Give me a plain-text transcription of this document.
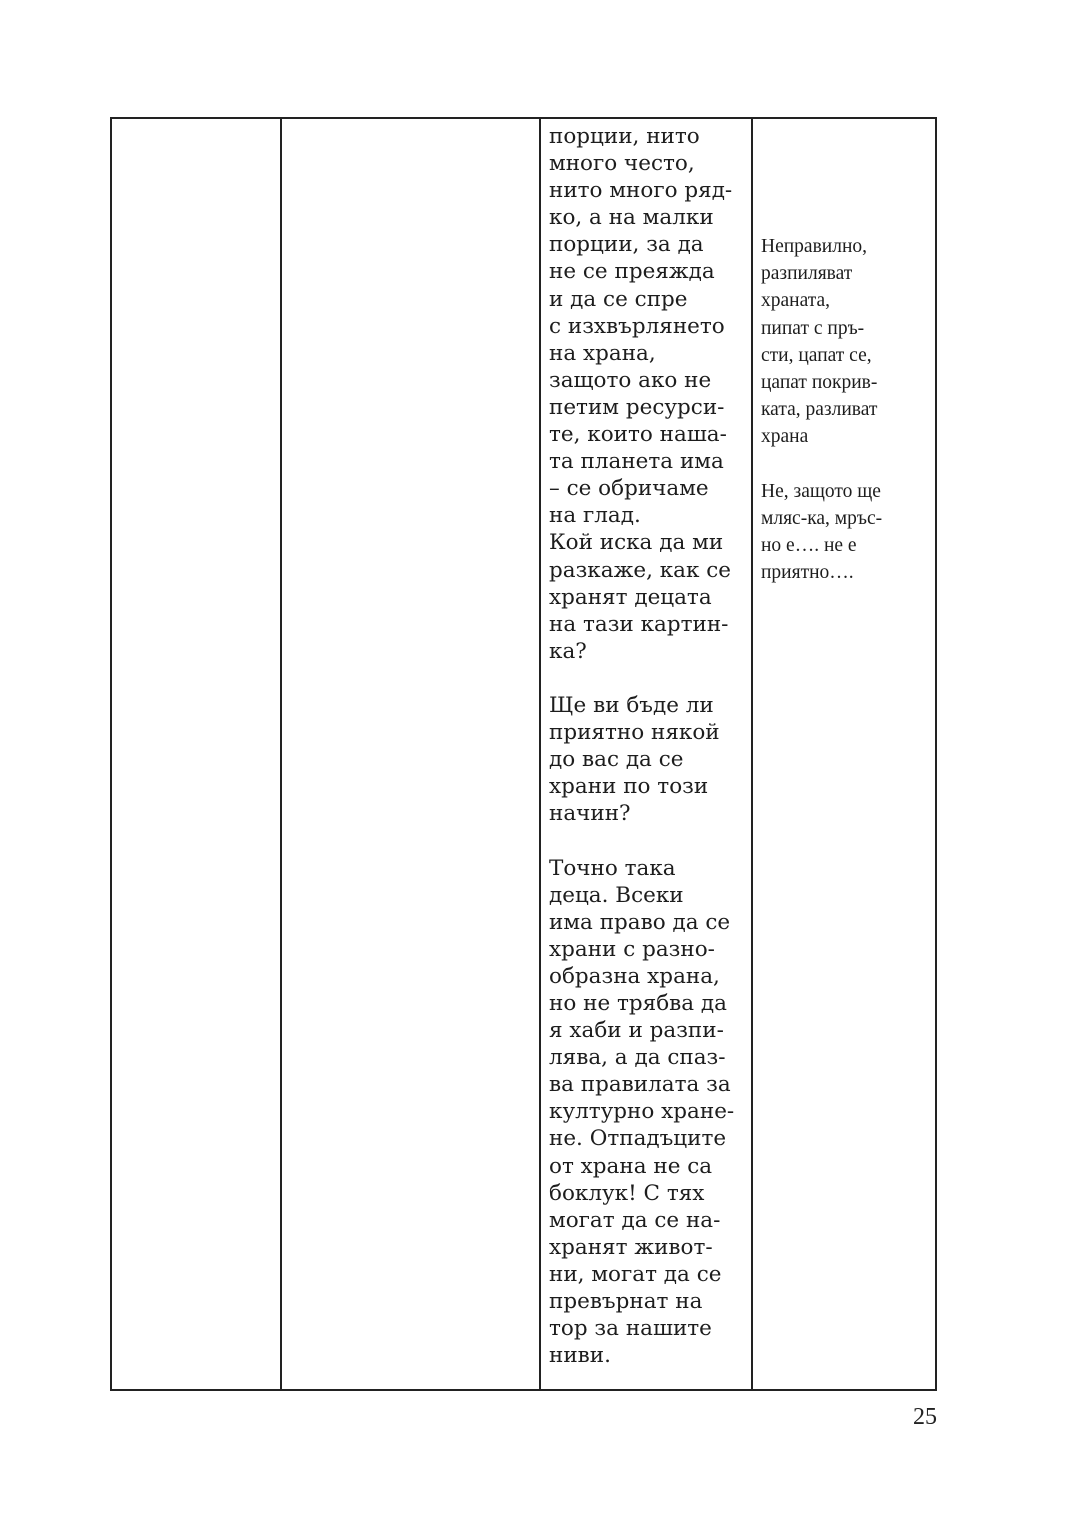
порции, нито
много често,
нито много ряд-
ко, а на малки
порции, за да
не се преяжда
и да се спре
с изхвърлянето
на храна,
защото ако не
петим ресурси-
те, които наша-
та планета има
– се обричаме
на глад.
Кой иска да ми
разкаже, как се
хранят децата
на тази картин-
ка?
Ще ви бъде ли
приятно някой
до вас да се
храни по този
начин?
Точно така
деца. Всеки
има право да се
храни с разно-
образна храна,
но не трябва да
я хаби и разпи-
лява, а да спаз-
ва правилата за
културно хране-
не. Отпадъците
от храна не са
боклук! С тях
могат да се на-
хранят живот-
ни, могат да се
превърнат на
тор за нашите
ниви.
Неправилно,
разпиляват
храната,
пипат с пръ-
сти, цапат се,
цапат покрив-
ката, разливат
храна
Не, защото ще
мляс-ка, мръс-
но е…. не е
приятно….
25
